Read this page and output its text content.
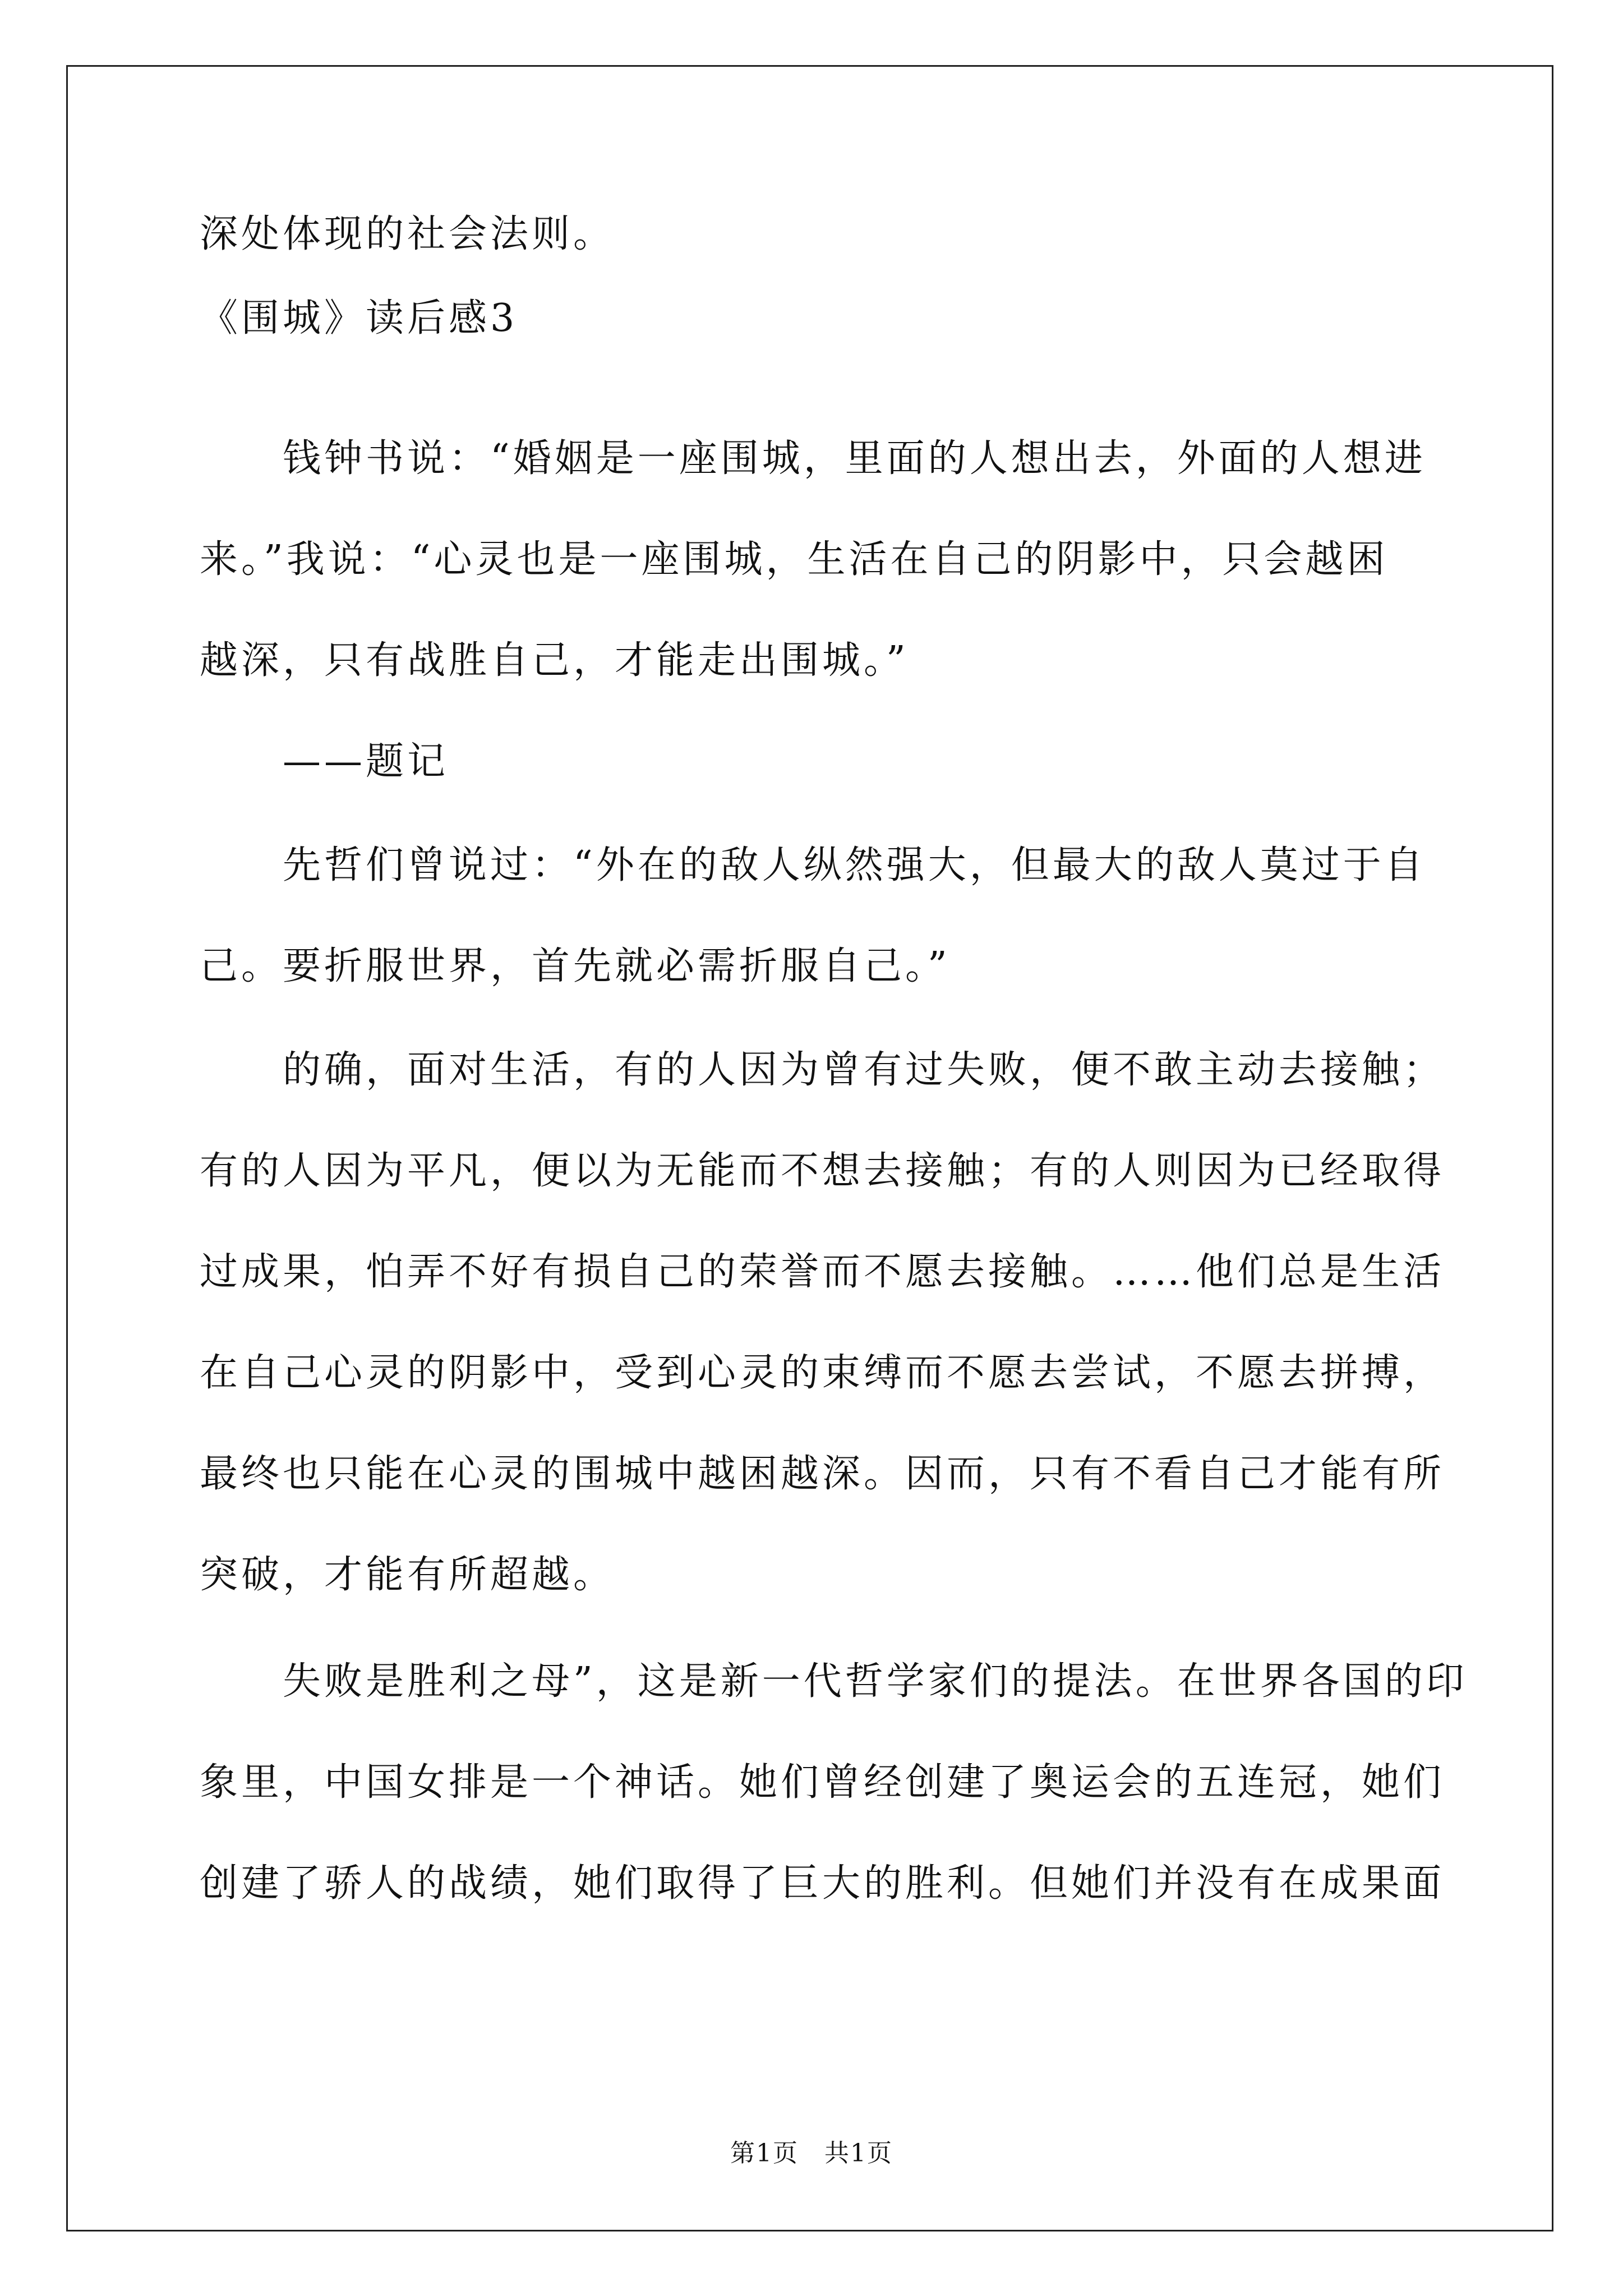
深处体现的社会法则。
《围城》读后感3
钱钟书说：“婚姻是一座围城，里面的人想出去，外面的人想进
来。”我说：“心灵也是一座围城，生活在自己的阴影中，只会越困
越深，只有战胜自己，才能走出围城。”
——题记
先哲们曾说过：“外在的敌人纵然强大，但最大的敌人莫过于自
己。要折服世界，首先就必需折服自己。”
的确，面对生活，有的人因为曾有过失败，便不敢主动去接触；
有的人因为平凡，便以为无能而不想去接触；有的人则因为已经取得
过成果，怕弄不好有损自己的荣誉而不愿去接触。……他们总是生活
在自己心灵的阴影中，受到心灵的束缚而不愿去尝试，不愿去拼搏，
最终也只能在心灵的围城中越困越深。因而，只有不看自己才能有所
突破，才能有所超越。
失败是胜利之母”，这是新一代哲学家们的提法。在世界各国的印
象里，中国女排是一个神话。她们曾经创建了奥运会的五连冠，她们
创建了骄人的战绩，她们取得了巨大的胜利。但她们并没有在成果面
第1页　共1页
